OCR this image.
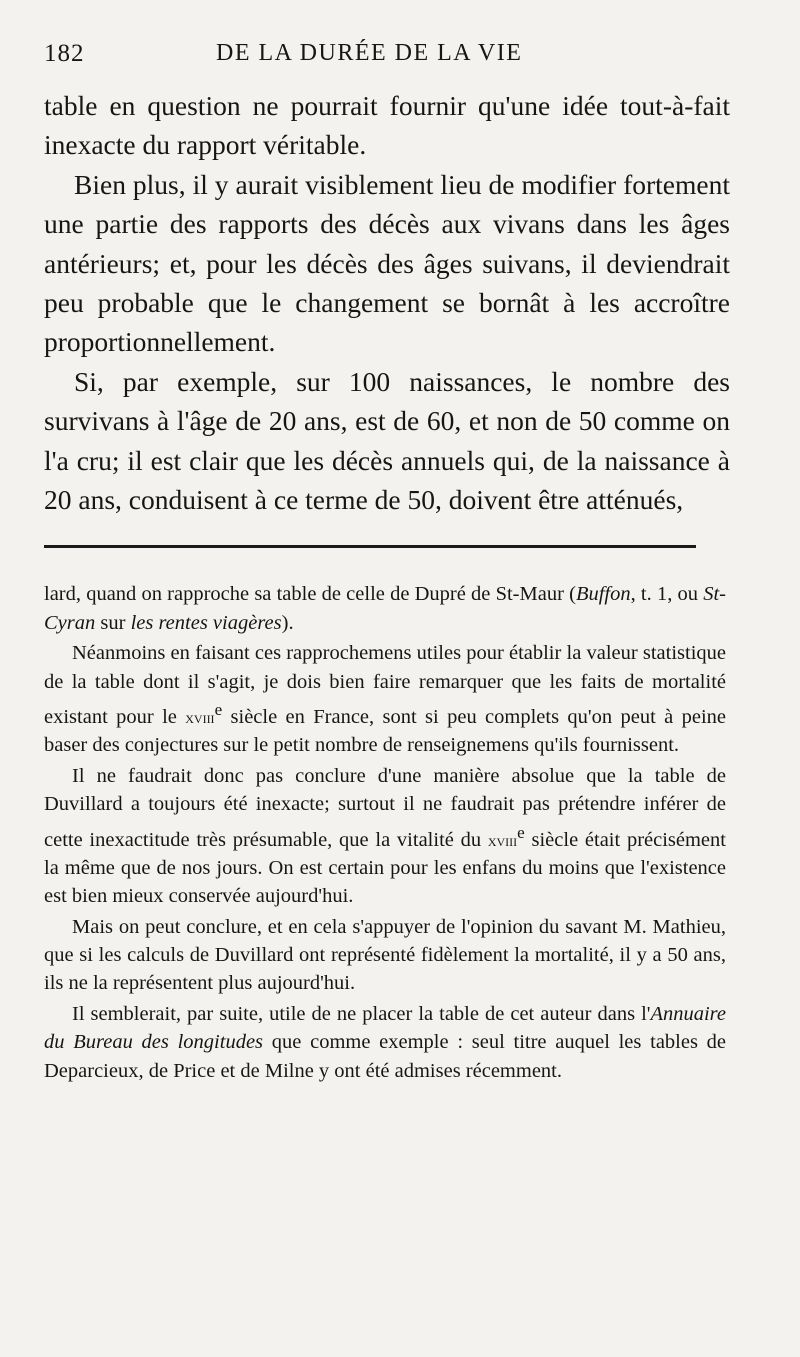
182	DE LA DURÉE DE LA VIE

table en question ne pourrait fournir qu'une idée tout-à-fait inexacte du rapport véritable.

Bien plus, il y aurait visiblement lieu de modifier fortement une partie des rapports des décès aux vivans dans les âges antérieurs; et, pour les décès des âges suivans, il deviendrait peu probable que le changement se bornât à les accroître proportionnellement.

Si, par exemple, sur 100 naissances, le nombre des survivans à l'âge de 20 ans, est de 60, et non de 50 comme on l'a cru; il est clair que les décès annuels qui, de la naissance à 20 ans, conduisent à ce terme de 50, doivent être atténués,

lard, quand on rapproche sa table de celle de Dupré de St-Maur (Buffon, t. 1, ou St-Cyran sur les rentes viagères).

Néanmoins en faisant ces rapprochemens utiles pour établir la valeur statistique de la table dont il s'agit, je dois bien faire remarquer que les faits de mortalité existant pour le xviii$^e$ siècle en France, sont si peu complets qu'on peut à peine baser des conjectures sur le petit nombre de renseignemens qu'ils fournissent.

Il ne faudrait donc pas conclure d'une manière absolue que la table de Duvillard a toujours été inexacte; surtout il ne faudrait pas prétendre inférer de cette inexactitude très présumable, que la vitalité du xviii$^e$ siècle était précisément la même que de nos jours. On est certain pour les enfans du moins que l'existence est bien mieux conservée aujourd'hui.

Mais on peut conclure, et en cela s'appuyer de l'opinion du savant M. Mathieu, que si les calculs de Duvillard ont représenté fidèlement la mortalité, il y a 50 ans, ils ne la représentent plus aujourd'hui.

Il semblerait, par suite, utile de ne placer la table de cet auteur dans l'Annuaire du Bureau des longitudes que comme exemple : seul titre auquel les tables de Deparcieux, de Price et de Milne y ont été admises récemment.
